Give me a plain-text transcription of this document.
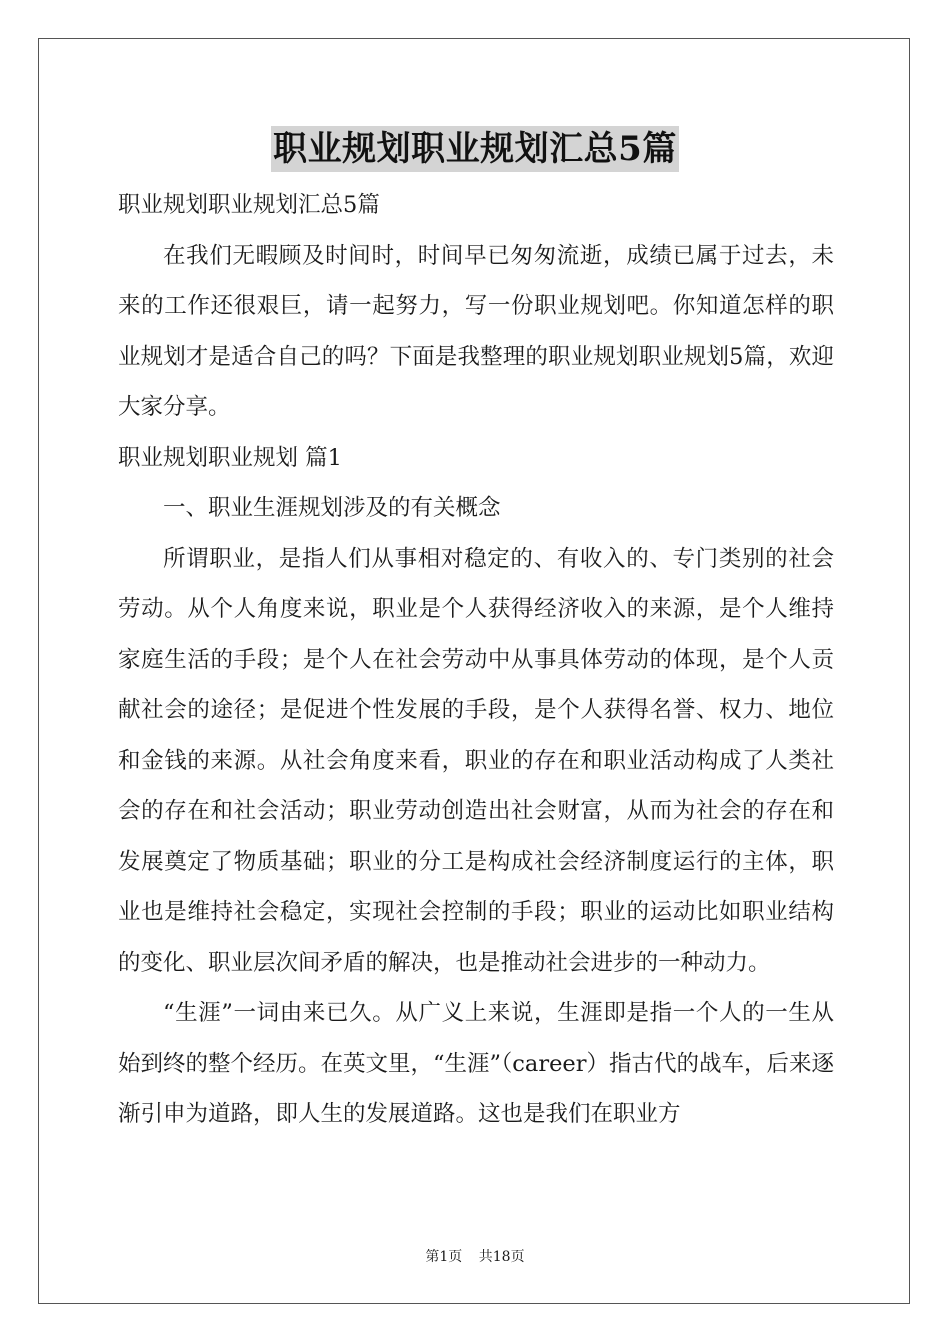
职业规划职业规划汇总5篇

职业规划职业规划汇总5篇

在我们无暇顾及时间时，时间早已匆匆流逝，成绩已属于过去，未来的工作还很艰巨，请一起努力，写一份职业规划吧。你知道怎样的职业规划才是适合自己的吗？下面是我整理的职业规划职业规划5篇，欢迎大家分享。

职业规划职业规划 篇1

一、职业生涯规划涉及的有关概念

所谓职业，是指人们从事相对稳定的、有收入的、专门类别的社会劳动。从个人角度来说，职业是个人获得经济收入的来源，是个人维持家庭生活的手段；是个人在社会劳动中从事具体劳动的体现，是个人贡献社会的途径；是促进个性发展的手段，是个人获得名誉、权力、地位和金钱的来源。从社会角度来看，职业的存在和职业活动构成了人类社会的存在和社会活动；职业劳动创造出社会财富，从而为社会的存在和发展奠定了物质基础；职业的分工是构成社会经济制度运行的主体，职业也是维持社会稳定，实现社会控制的手段；职业的运动比如职业结构的变化、职业层次间矛盾的解决，也是推动社会进步的一种动力。

“生涯”一词由来已久。从广义上来说，生涯即是指一个人的一生从始到终的整个经历。在英文里，“生涯”（career）指古代的战车，后来逐渐引申为道路，即人生的发展道路。这也是我们在职业方

第1页 共18页
